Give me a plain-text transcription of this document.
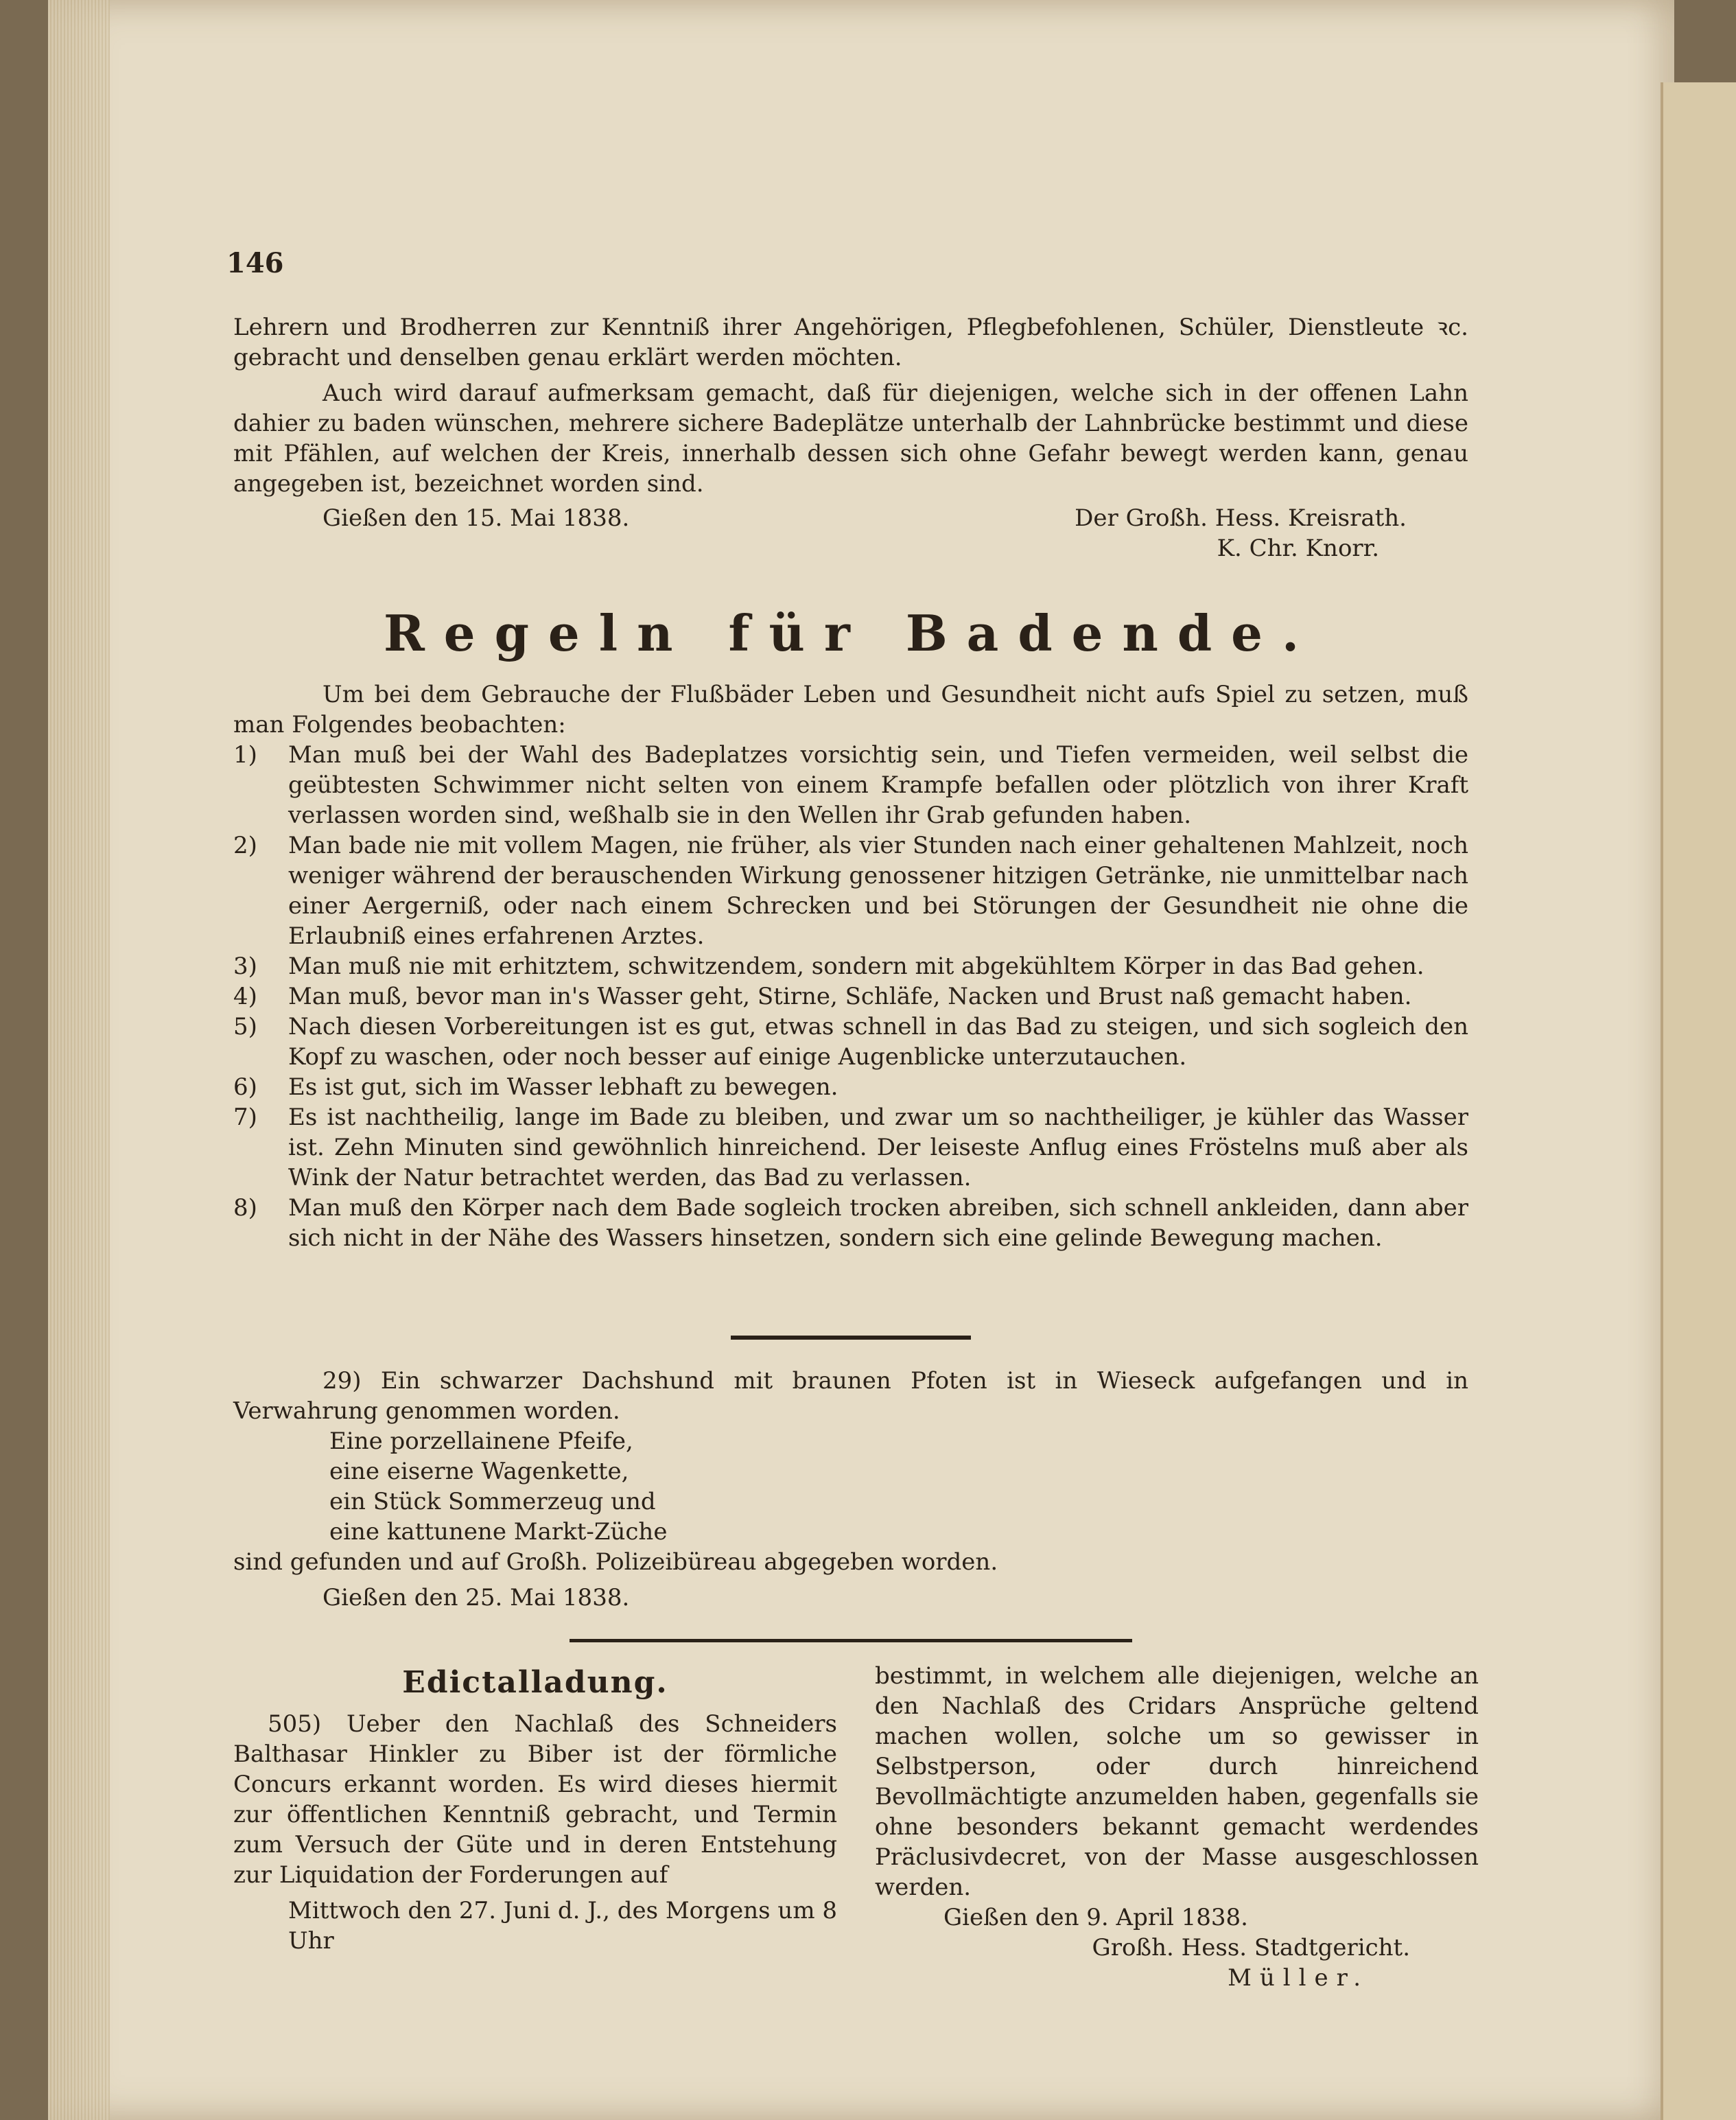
146

Lehrern und Brodherren zur Kenntniß ihrer Angehörigen, Pflegbefohlenen, Schüler, Dienstleute ꝛc. gebracht und denselben genau erklärt werden möchten.

Auch wird darauf aufmerksam gemacht, daß für diejenigen, welche sich in der offenen Lahn dahier zu baden wünschen, mehrere sichere Badeplätze unterhalb der Lahnbrücke bestimmt und diese mit Pfählen, auf welchen der Kreis, innerhalb dessen sich ohne Gefahr bewegt werden kann, genau angegeben ist, bezeichnet worden sind.

Gießen den 15. Mai 1838.	Der Großh. Hess. Kreisrath.
K. Chr. Knorr.
Regeln für Badende.

Um bei dem Gebrauche der Flußbäder Leben und Gesundheit nicht aufs Spiel zu setzen, muß man Folgendes beobachten:

1)	Man muß bei der Wahl des Badeplatzes vorsichtig sein, und Tiefen vermeiden, weil selbst die geübtesten Schwimmer nicht selten von einem Krampfe befallen oder plötzlich von ihrer Kraft verlassen worden sind, weßhalb sie in den Wellen ihr Grab gefunden haben.
2)	Man bade nie mit vollem Magen, nie früher, als vier Stunden nach einer gehaltenen Mahlzeit, noch weniger während der berauschenden Wirkung genossener hitzigen Getränke, nie unmittelbar nach einer Aergerniß, oder nach einem Schrecken und bei Störungen der Gesundheit nie ohne die Erlaubniß eines erfahrenen Arztes.
3)	Man muß nie mit erhitztem, schwitzendem, sondern mit abgekühltem Körper in das Bad gehen.
4)	Man muß, bevor man in's Wasser geht, Stirne, Schläfe, Nacken und Brust naß gemacht haben.
5)	Nach diesen Vorbereitungen ist es gut, etwas schnell in das Bad zu steigen, und sich sogleich den Kopf zu waschen, oder noch besser auf einige Augenblicke unterzutauchen.
6)	Es ist gut, sich im Wasser lebhaft zu bewegen.
7)	Es ist nachtheilig, lange im Bade zu bleiben, und zwar um so nachtheiliger, je kühler das Wasser ist. Zehn Minuten sind gewöhnlich hinreichend. Der leiseste Anflug eines Fröstelns muß aber als Wink der Natur betrachtet werden, das Bad zu verlassen.
8)	Man muß den Körper nach dem Bade sogleich trocken abreiben, sich schnell ankleiden, dann aber sich nicht in der Nähe des Wassers hinsetzen, sondern sich eine gelinde Bewegung machen.

29) Ein schwarzer Dachshund mit braunen Pfoten ist in Wieseck aufgefangen und in Verwahrung genommen worden.

Eine porzellainene Pfeife,
eine eiserne Wagenkette,
ein Stück Sommerzeug und
eine kattunene Markt-Züche

sind gefunden und auf Großh. Polizeibüreau abgegeben worden.

Gießen den 25. Mai 1838.

Edictalladung.

505) Ueber den Nachlaß des Schneiders Balthasar Hinkler zu Biber ist der förmliche Concurs erkannt worden. Es wird dieses hiermit zur öffentlichen Kenntniß gebracht, und Termin zum Versuch der Güte und in deren Entstehung zur Liquidation der Forderungen auf

Mittwoch den 27. Juni d. J., des Morgens um 8 Uhr

bestimmt, in welchem alle diejenigen, welche an den Nachlaß des Cridars Ansprüche geltend machen wollen, solche um so gewisser in Selbstperson, oder durch hinreichend Bevollmächtigte anzumelden haben, gegenfalls sie ohne besonders bekannt gemacht werdendes Präclusivdecret, von der Masse ausgeschlossen werden.

Gießen den 9. April 1838.

Großh. Hess. Stadtgericht.

Müller.
